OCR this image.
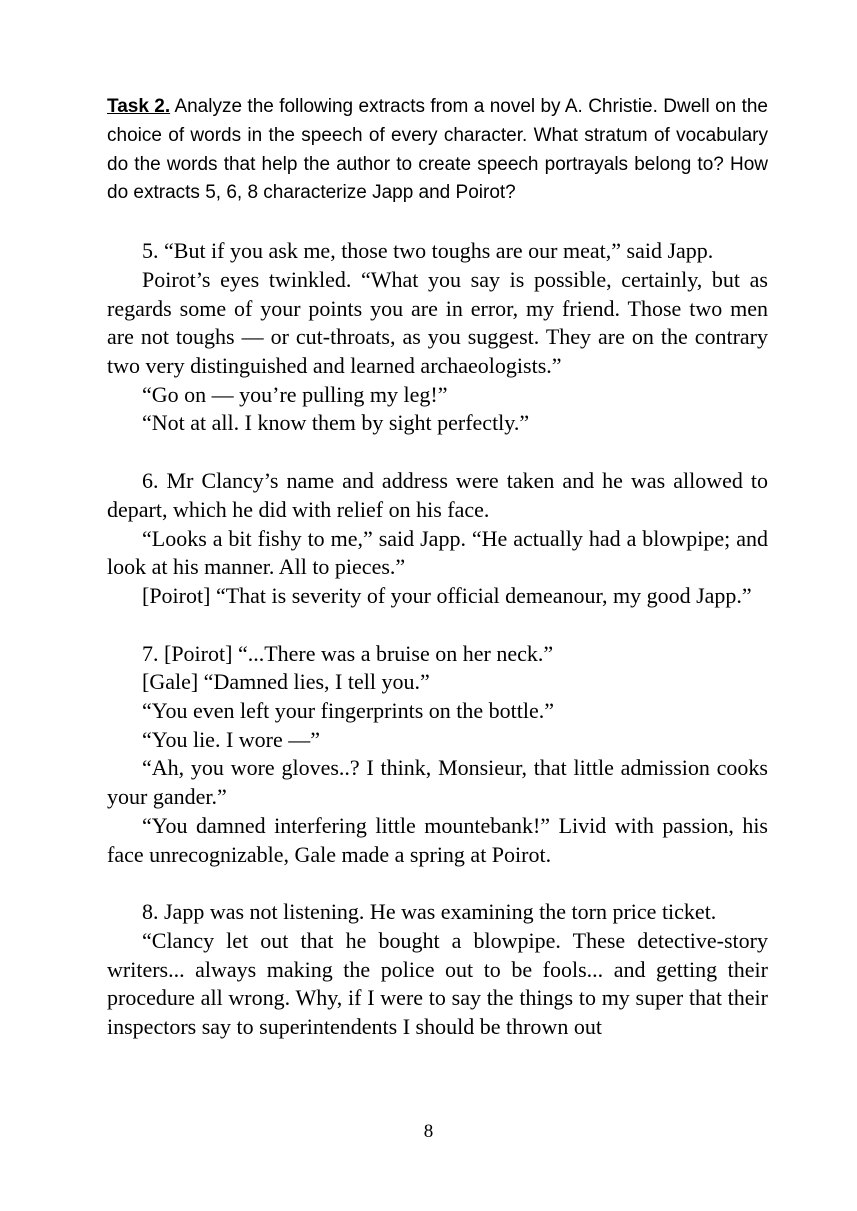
Task 2. Analyze the following extracts from a novel by A. Christie. Dwell on the choice of words in the speech of every character. What stratum of vocabulary do the words that help the author to create speech portrayals belong to? How do extracts 5, 6, 8 characterize Japp and Poirot?

5. “But if you ask me, those two toughs are our meat,” said Japp.

Poirot’s eyes twinkled. “What you say is possible, certainly, but as regards some of your points you are in error, my friend. Those two men are not toughs — or cut-throats, as you suggest. They are on the contrary two very distinguished and learned archaeologists.”

“Go on — you’re pulling my leg!”

“Not at all. I know them by sight perfectly.”

6. Mr Clancy’s name and address were taken and he was allowed to depart, which he did with relief on his face.

“Looks a bit fishy to me,” said Japp. “He actually had a blowpipe; and look at his manner. All to pieces.”

[Poirot] “That is severity of your official demeanour, my good Japp.”

7. [Poirot] “...There was a bruise on her neck.”

[Gale] “Damned lies, I tell you.”

“You even left your fingerprints on the bottle.”

“You lie. I wore —”

“Ah, you wore gloves..? I think, Monsieur, that little admission cooks your gander.”

“You damned interfering little mountebank!” Livid with passion, his face unrecognizable, Gale made a spring at Poirot.

8. Japp was not listening. He was examining the torn price ticket.

“Clancy let out that he bought a blowpipe. These detective-story writers... always making the police out to be fools... and getting their procedure all wrong. Why, if I were to say the things to my super that their inspectors say to superintendents I should be thrown out

8
